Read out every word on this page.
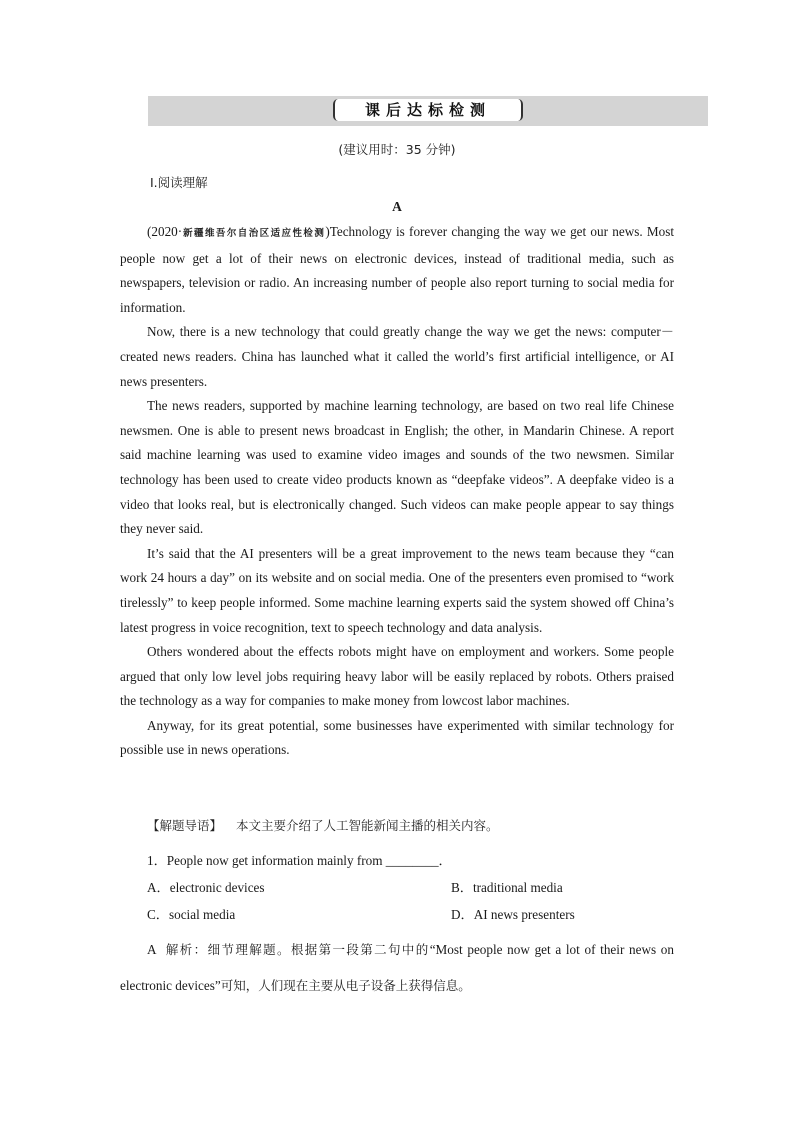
课后达标检测
(建议用时：35 分钟)
Ⅰ.阅读理解
A

(2020·新疆维吾尔自治区适应性检测)Technology is forever changing the way we get our news. Most people now get a lot of their news on electronic devices, instead of traditional media, such as newspapers, television or radio. An increasing number of people also report turning to social media for information.

Now, there is a new technology that could greatly change the way we get the news: computer－created news readers. China has launched what it called the world’s first artificial intelligence, or AI news presenters.

The news readers, supported by machine learning technology, are based on two real life Chinese newsmen. One is able to present news broadcast in English; the other, in Mandarin Chinese. A report said machine learning was used to examine video images and sounds of the two newsmen. Similar technology has been used to create video products known as “deepfake videos”. A deepfake video is a video that looks real, but is electronically changed. Such videos can make people appear to say things they never said.

It’s said that the AI presenters will be a great improvement to the news team because they “can work 24 hours a day” on its website and on social media. One of the presenters even promised to “work tirelessly” to keep people informed. Some machine learning experts said the system showed off China’s latest progress in voice recognition, text to speech technology and data analysis.

Others wondered about the effects robots might have on employment and workers. Some people argued that only low level jobs requiring heavy labor will be easily replaced by robots. Others praised the technology as a way for companies to make money from lowcost labor machines.

Anyway, for its great potential, some businesses have experimented with similar technology for possible use in news operations.

【解题导语】 本文主要介绍了人工智能新闻主播的相关内容。
1．People now get information mainly from ________．
A．electronic devices	B．traditional media
C．social media	D．AI news presenters
A 解析：细节理解题。根据第一段第二句中的“Most people now get a lot of their news on electronic devices”可知，人们现在主要从电子设备上获得信息。
